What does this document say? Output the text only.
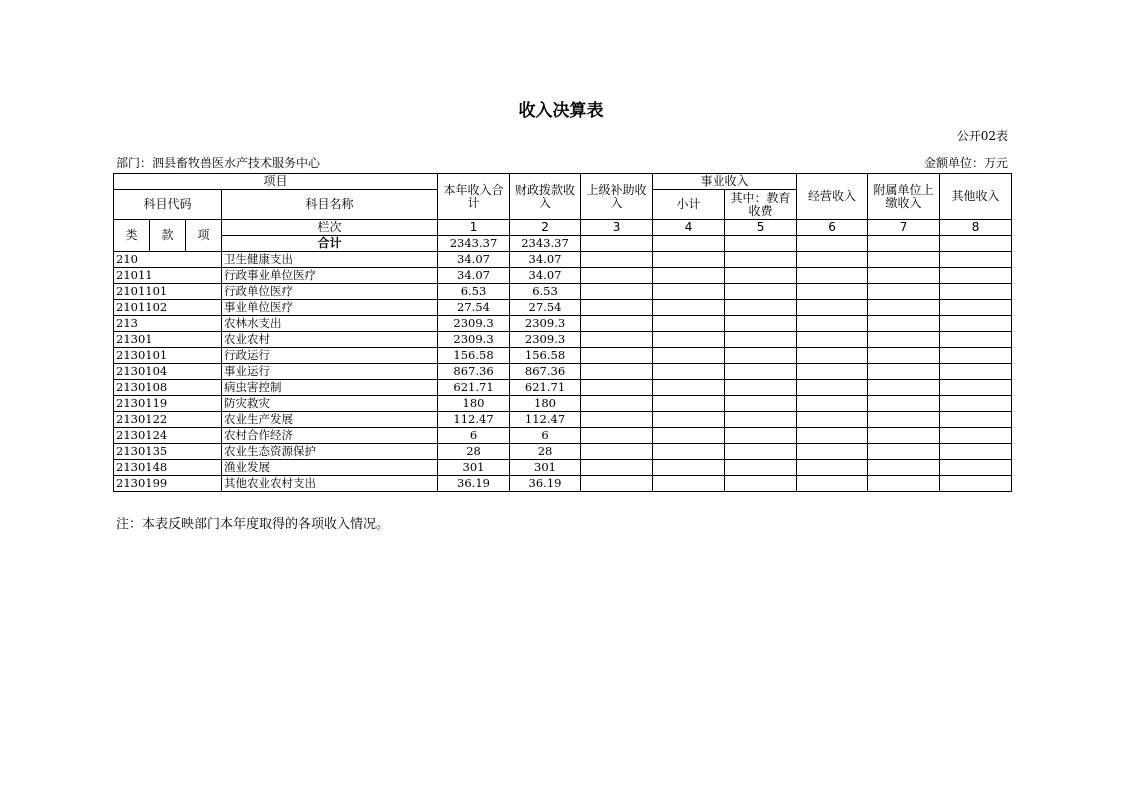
收入决算表
公开02表
部门：泗县畜牧兽医水产技术服务中心	金额单位：万元
项目				本年收入合计	财政拨款收入	上级补助收入	事业收入		经营收入	附属单位上缴收入	其他收入
科目代码			科目名称				小计	其中：教育收费			
类	款	项	栏次	1	2	3	4	5	6	7	8
			合计	2343.37	2343.37						
210			卫生健康支出	34.07	34.07						
21011			行政事业单位医疗	34.07	34.07						
2101101			行政单位医疗	6.53	6.53						
2101102			事业单位医疗	27.54	27.54						
213			农林水支出	2309.3	2309.3						
21301			农业农村	2309.3	2309.3						
2130101			行政运行	156.58	156.58						
2130104			事业运行	867.36	867.36						
2130108			病虫害控制	621.71	621.71						
2130119			防灾救灾	180	180						
2130122			农业生产发展	112.47	112.47						
2130124			农村合作经济	6	6						
2130135			农业生态资源保护	28	28						
2130148			渔业发展	301	301						
2130199			其他农业农村支出	36.19	36.19						
注：本表反映部门本年度取得的各项收入情况。
